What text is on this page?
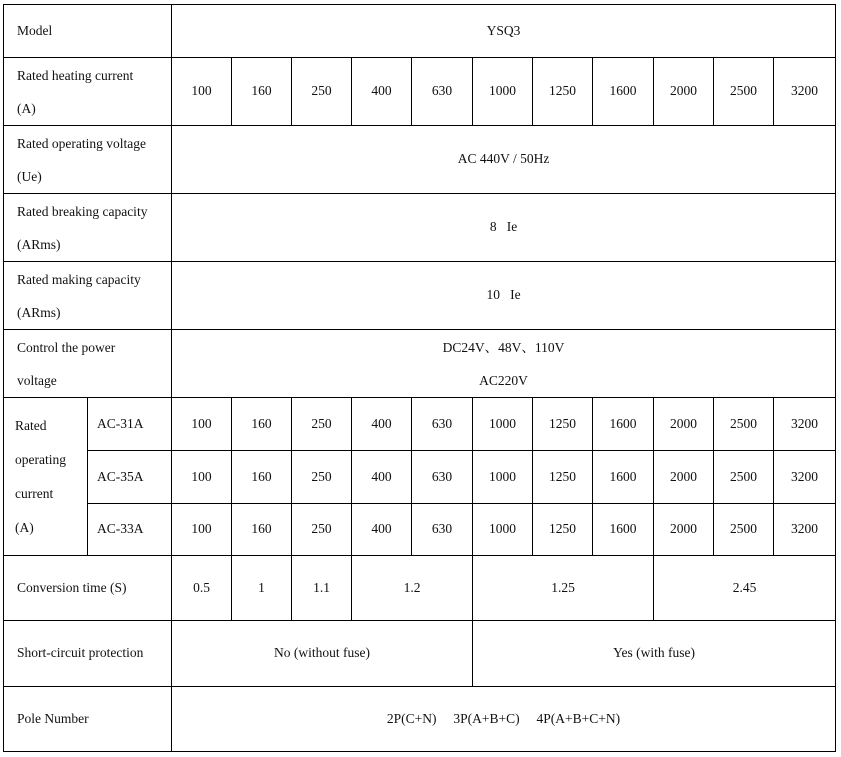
Model		YSQ3										

Rated heating current
(A)		100	160	250	400	630	1000	1250	1600	2000	2500	3200

Rated operating voltage
(Ue)		AC 440V / 50Hz										

Rated breaking capacity
(ARms)		8   Ie										

Rated making capacity
(ARms)		10   Ie										

Control the power
voltage		DC24V、48V、110V
AC220V										

Rated
operating
current
(A)	AC-31A	100	160	250	400	630	1000	1250	1600	2000	2500	3200
	AC-35A	100	160	250	400	630	1000	1250	1600	2000	2500	3200
	AC-33A	100	160	250	400	630	1000	1250	1600	2000	2500	3200
Conversion time (S)		0.5	1	1.1	1.2		1.25			2.45		
Short-circuit protection		No (without fuse)					Yes (with fuse)					
Pole Number		2P(C+N)     3P(A+B+C)     4P(A+B+C+N)										
